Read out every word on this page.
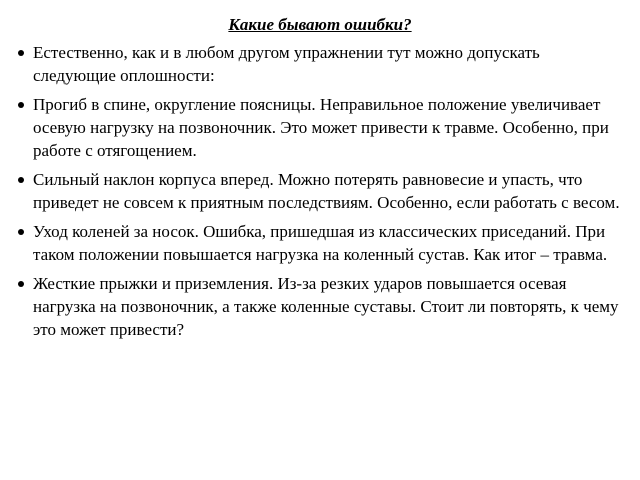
Какие бывают ошибки?
Естественно, как и в любом другом упражнении тут можно допускать следующие оплошности:
Прогиб в спине, округление поясницы. Неправильное положение увеличивает осевую нагрузку на позвоночник. Это может привести к травме. Особенно, при работе с отягощением.
Сильный наклон корпуса вперед. Можно потерять равновесие и упасть, что приведет не совсем к приятным последствиям. Особенно, если работать с весом.
Уход коленей за носок. Ошибка, пришедшая из классических приседаний. При таком положении повышается нагрузка на коленный сустав. Как итог – травма.
Жесткие прыжки и приземления. Из-за резких ударов повышается осевая нагрузка на позвоночник, а также коленные суставы. Стоит ли повторять, к чему это может привести?
